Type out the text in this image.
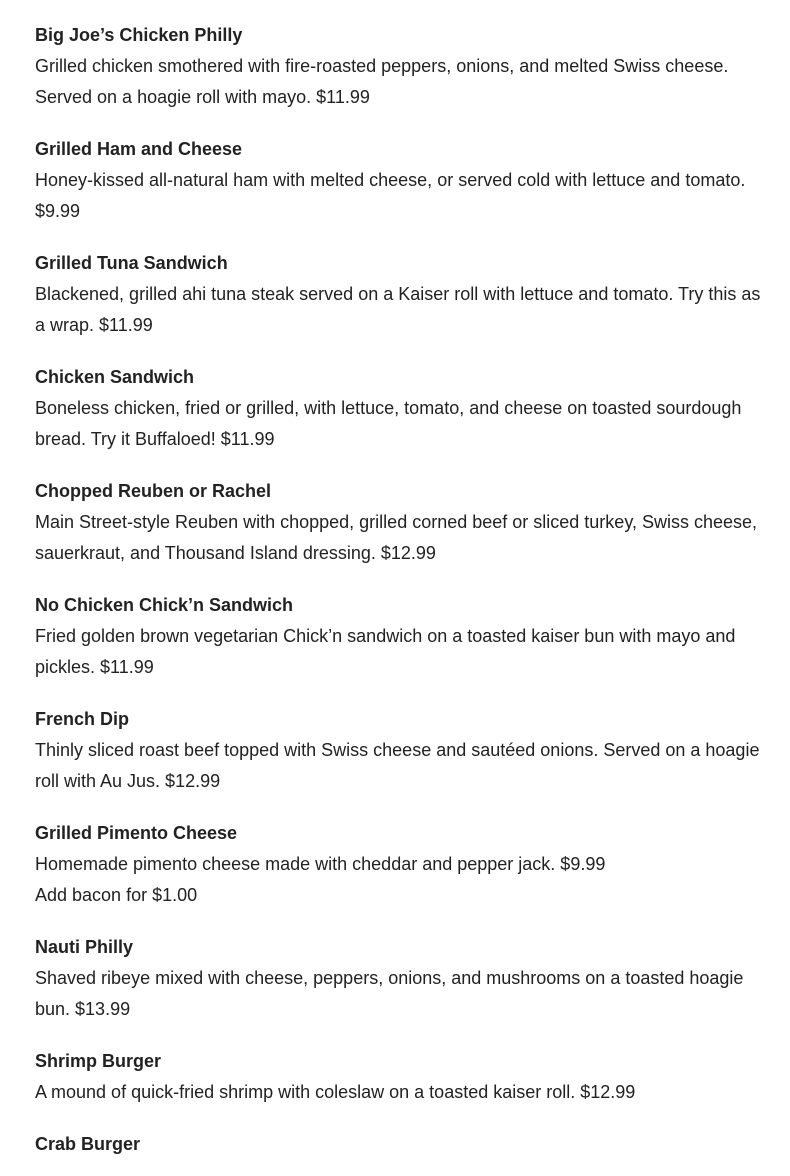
Big Joe’s Chicken Philly

Grilled chicken smothered with fire-roasted peppers, onions, and melted Swiss cheese. Served on a hoagie roll with mayo. $11.99

Grilled Ham and Cheese

Honey-kissed all-natural ham with melted cheese, or served cold with lettuce and tomato. $9.99

Grilled Tuna Sandwich

Blackened, grilled ahi tuna steak served on a Kaiser roll with lettuce and tomato. Try this as a wrap. $11.99

Chicken Sandwich

Boneless chicken, fried or grilled, with lettuce, tomato, and cheese on toasted sourdough bread. Try it Buffaloed! $11.99

Chopped Reuben or Rachel

Main Street-style Reuben with chopped, grilled corned beef or sliced turkey, Swiss cheese, sauerkraut, and Thousand Island dressing. $12.99

No Chicken Chick’n Sandwich

Fried golden brown vegetarian Chick’n sandwich on a toasted kaiser bun with mayo and pickles. $11.99

French Dip

Thinly sliced roast beef topped with Swiss cheese and sautéed onions. Served on a hoagie roll with Au Jus. $12.99

Grilled Pimento Cheese

Homemade pimento cheese made with cheddar and pepper jack. $9.99

Add bacon for $1.00

Nauti Philly

Shaved ribeye mixed with cheese, peppers, onions, and mushrooms on a toasted hoagie bun. $13.99

Shrimp Burger

A mound of quick-fried shrimp with coleslaw on a toasted kaiser roll. $12.99

Crab Burger
